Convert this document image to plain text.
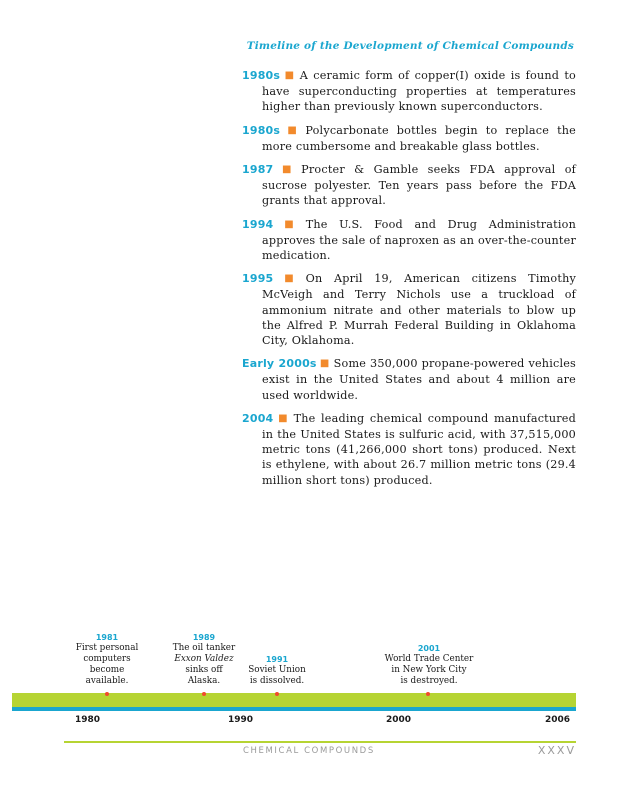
Timeline of the Development of Chemical Compounds

1980s ■ A ceramic form of copper(I) oxide is found to have superconducting properties at temperatures higher than previously known superconductors.

1980s ■ Polycarbonate bottles begin to replace the more cumbersome and breakable glass bottles.

1987 ■ Procter & Gamble seeks FDA approval of sucrose polyester. Ten years pass before the FDA grants that approval.

1994 ■ The U.S. Food and Drug Administration approves the sale of naproxen as an over-the-counter medication.

1995 ■ On April 19, American citizens Timothy McVeigh and Terry Nichols use a truckload of ammonium nitrate and other materials to blow up the Alfred P. Murrah Federal Building in Oklahoma City, Oklahoma.

Early 2000s ■ Some 350,000 propane-powered vehicles exist in the United States and about 4 million are used worldwide.

2004 ■ The leading chemical compound manufactured in the United States is sulfuric acid, with 37,515,000 metric tons (41,266,000 short tons) produced. Next is ethylene, with about 26.7 million metric tons (29.4 million short tons) produced.

1981
First personal
computers
become
available.
1989
The oil tanker
Exxon Valdez
sinks off
Alaska.
1991
Soviet Union
is dissolved.
2001
World Trade Center
in New York City
is destroyed.
1980	1990	2000	2006
CHEMICAL COMPOUNDS	XXXV
